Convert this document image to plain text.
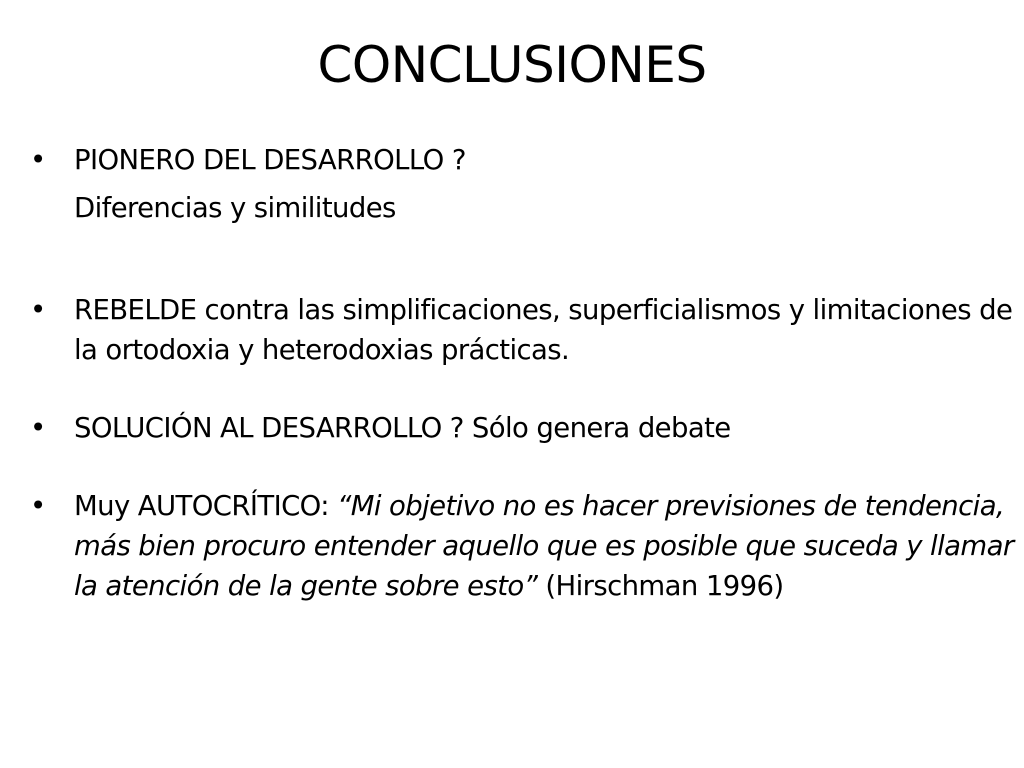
CONCLUSIONES
• PIONERO DEL DESARROLLO ?
Diferencias y similitudes
• REBELDE contra las simplificaciones, superficialismos y limitaciones de la ortodoxia y heterodoxias prácticas.
• SOLUCIÓN AL DESARROLLO ? Sólo genera debate
• Muy AUTOCRÍTICO: “Mi objetivo no es hacer previsiones de tendencia, más bien procuro entender aquello que es posible que suceda y llamar la atención de la gente sobre esto” (Hirschman 1996)
